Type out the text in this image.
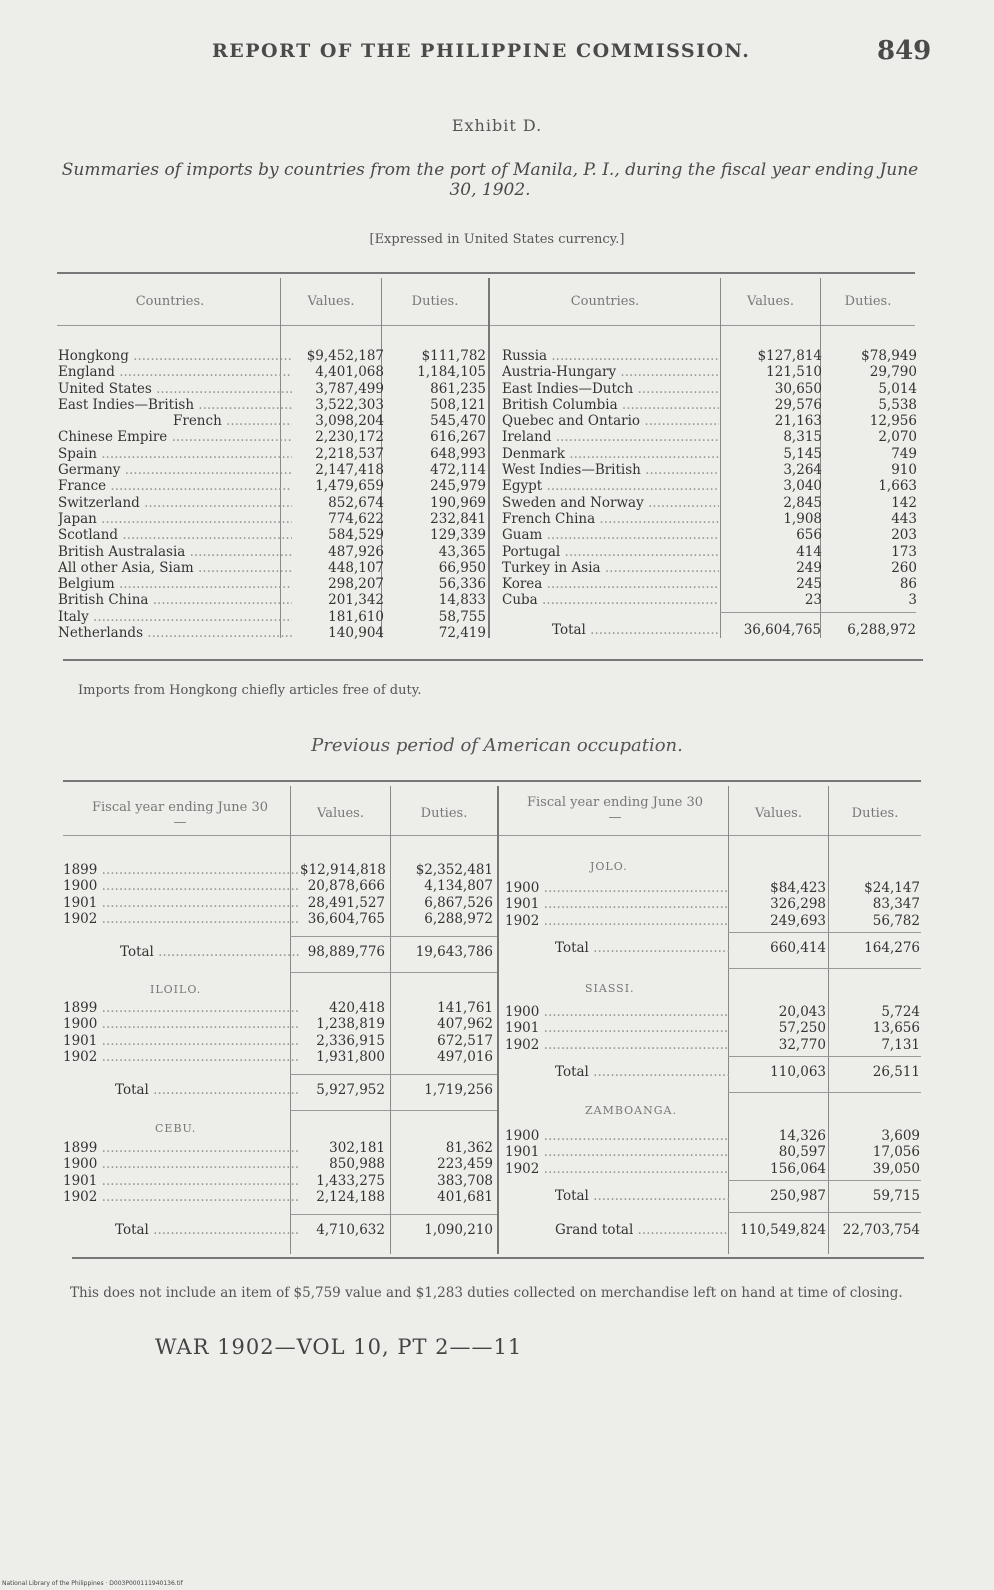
REPORT OF THE PHILIPPINE COMMISSION.	849
Exhibit D.
Summaries of imports by countries from the port of Manila, P. I., during the fiscal year ending June 30, 1902.
[Expressed in United States currency.]
Countries.	Values.	Duties.	Countries.	Values.	Duties.
Hongkong .....	$9,452,187	$111,782
England .....	4,401,068	1,184,105
United States .....	3,787,499	861,235
East Indies—British .....	3,522,303	508,121
French .....	3,098,204	545,470
Chinese Empire .....	2,230,172	616,267
Spain .....	2,218,537	648,993
Germany .....	2,147,418	472,114
France .....	1,479,659	245,979
Switzerland .....	852,674	190,969
Japan .....	774,622	232,841
Scotland .....	584,529	129,339
British Australasia .....	487,926	43,365
All other Asia, Siam .....	448,107	66,950
Belgium .....	298,207	56,336
British China .....	201,342	14,833
Italy .....	181,610	58,755
Netherlands .....	140,904	72,419
Russia .....	$127,814	$78,949
Austria-Hungary .....	121,510	29,790
East Indies—Dutch .....	30,650	5,014
British Columbia .....	29,576	5,538
Quebec and Ontario .....	21,163	12,956
Ireland .....	8,315	2,070
Denmark .....	5,145	749
West Indies—British .....	3,264	910
Egypt .....	3,040	1,663
Sweden and Norway .....	2,845	142
French China .....	1,908	443
Guam .....	656	203
Portugal .....	414	173
Turkey in Asia .....	249	260
Korea .....	245	86
Cuba .....	23	3
Total .....	36,604,765	6,288,972
Imports from Hongkong chiefly articles free of duty.
Previous period of American occupation.
Fiscal year ending June 30—
Values.	Duties.
Fiscal year ending June 30—	Values.	Duties.
1899 .....	$12,914,818	$2,352,481
1900 .....	20,878,666	4,134,807
1901 .....	28,491,527	6,867,526
1902 .....	36,604,765	6,288,972
Total .....	98,889,776	19,643,786
ILOILO.
1899 .....	420,418	141,761
1900 .....	1,238,819	407,962
1901 .....	2,336,915	672,517
1902 .....	1,931,800	497,016
Total .....	5,927,952	1,719,256
CEBU.
1899 .....	302,181	81,362
1900 .....	850,988	223,459
1901 .....	1,433,275	383,708
1902 .....	2,124,188	401,681
Total .....	4,710,632	1,090,210
JOLO.
1900 .....	$84,423	$24,147
1901 .....	326,298	83,347
1902 .....	249,693	56,782
Total .....	660,414	164,276
SIASSI.
1900 .....	20,043	5,724
1901 .....	57,250	13,656
1902 .....	32,770	7,131
Total .....	110,063	26,511
ZAMBOANGA.
1900 .....	14,326	3,609
1901 .....	80,597	17,056
1902 .....	156,064	39,050
Total .....	250,987	59,715
Grand total .....	110,549,824	22,703,754
This does not include an item of $5,759 value and $1,283 duties collected on merchandise left on hand at time of closing.
WAR 1902—VOL 10, PT 2——11
National Library of the Philippines · D003P000111940136.tif
